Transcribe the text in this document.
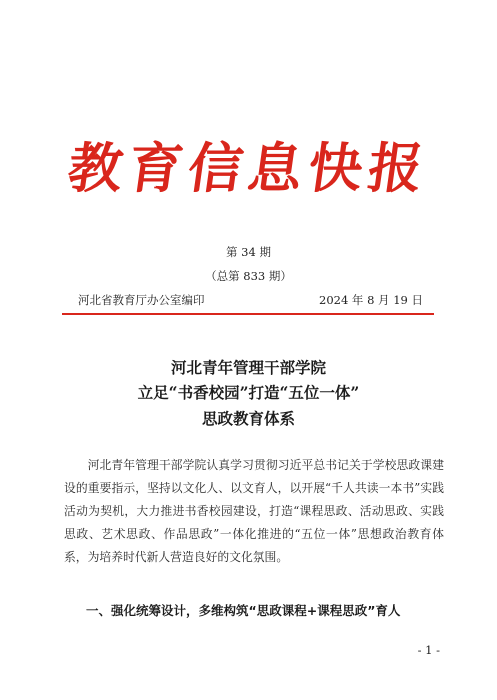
教育信息快报
第 34 期
（总第 833 期）
河北省教育厅办公室编印	2024 年 8 月 19 日
河北青年管理干部学院
立足“书香校园”打造“五位一体”
思政教育体系
河北青年管理干部学院认真学习贯彻习近平总书记关于学校思政课建设的重要指示，坚持以文化人、以文育人，以开展“千人共读一本书”实践活动为契机，大力推进书香校园建设，打造“课程思政、活动思政、实践思政、艺术思政、作品思政”一体化推进的“五位一体”思想政治教育体系，为培养时代新人营造良好的文化氛围。
一、强化统筹设计，多维构筑“思政课程+课程思政”育人
- 1 -
